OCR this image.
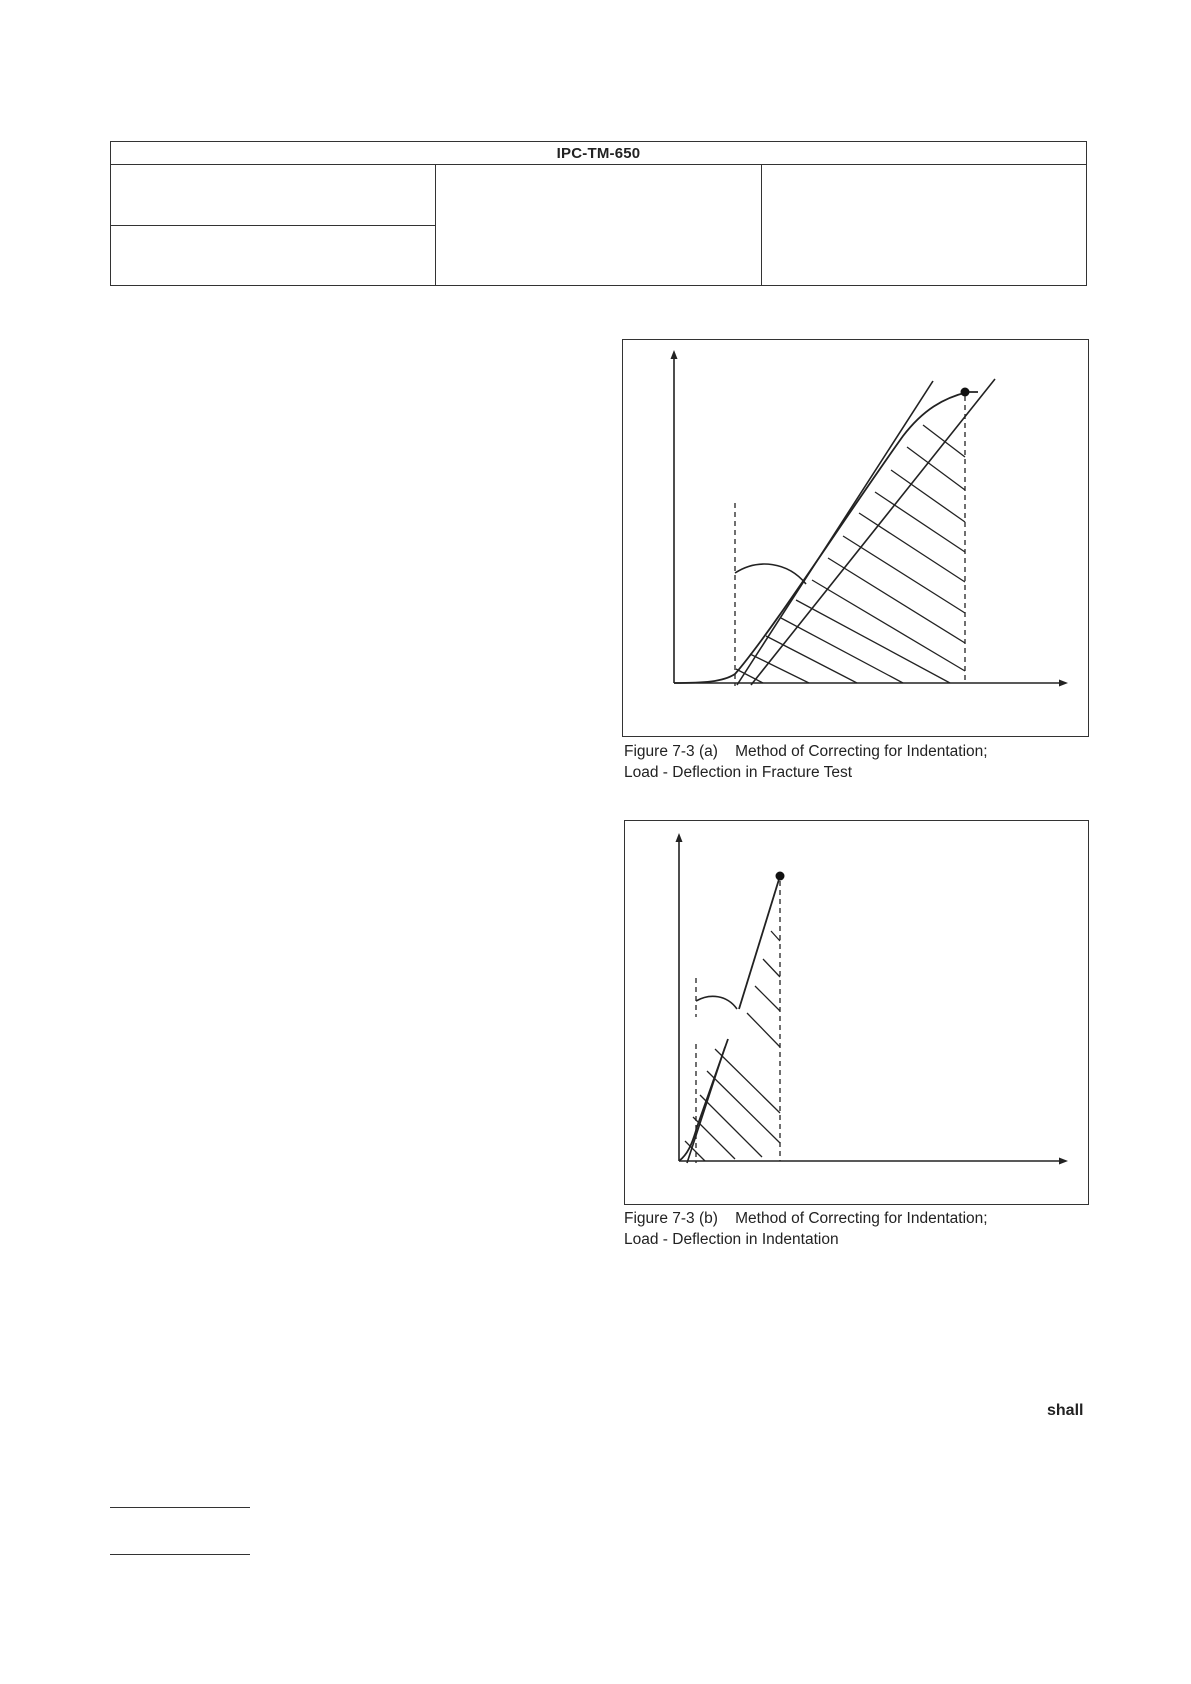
IPC-TM-650

Figure 7-3 (a)    Method of Correcting for Indentation;
Load - Deflection in Fracture Test
Figure 7-3 (b)    Method of Correcting for Indentation;
Load - Deflection in Indentation
shall
